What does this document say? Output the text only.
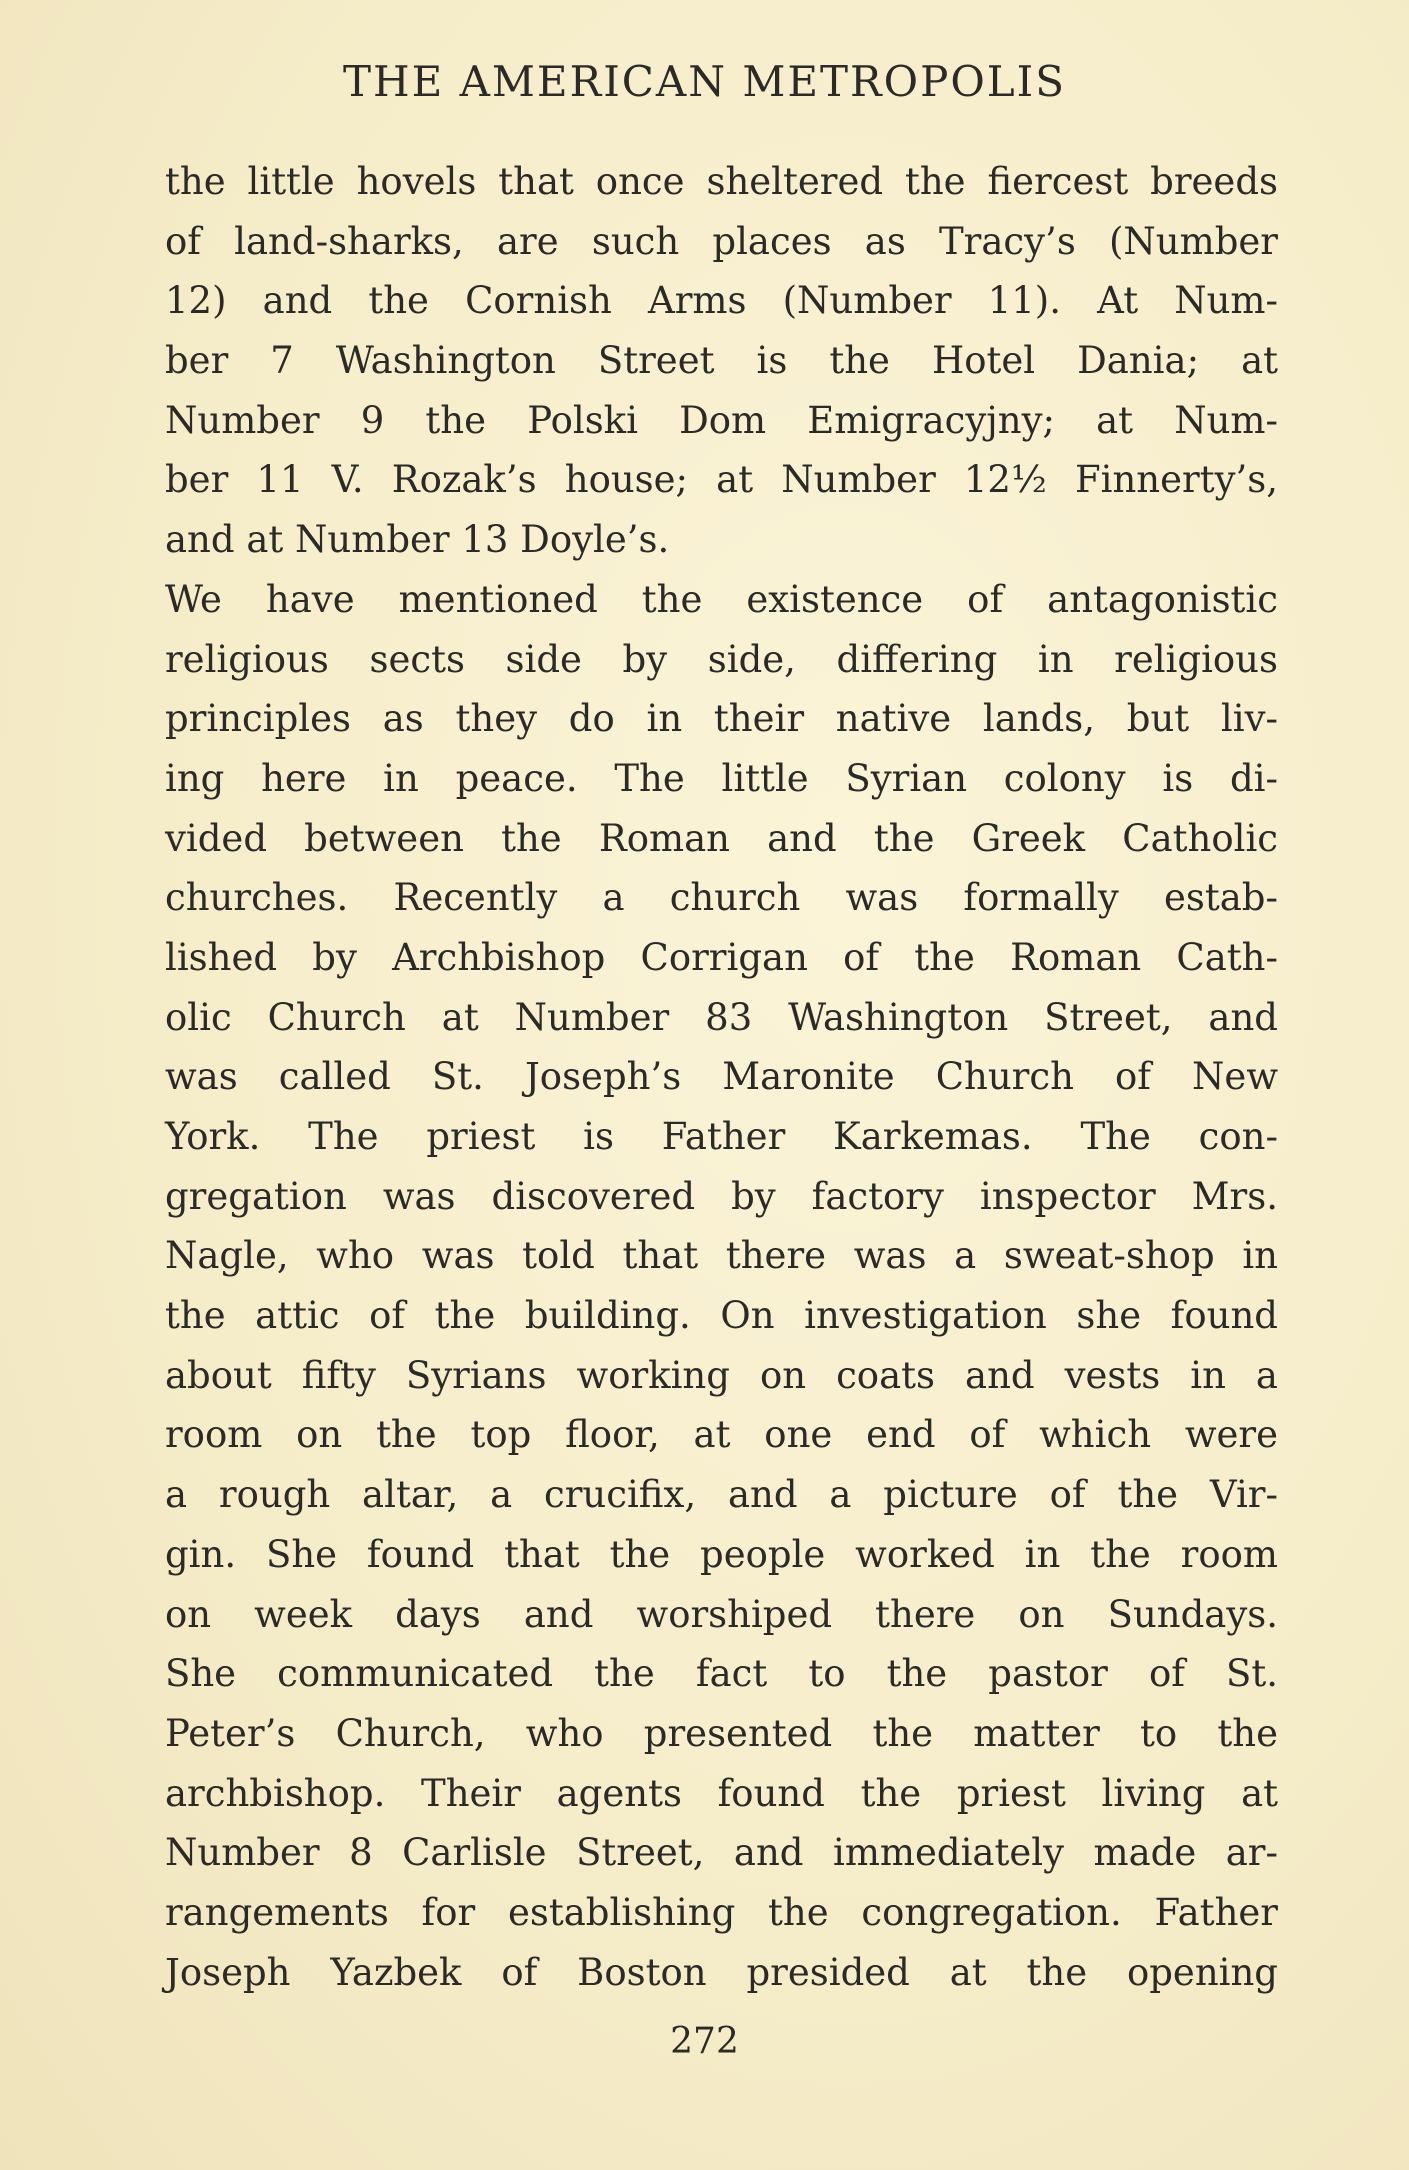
THE AMERICAN METROPOLIS
the little hovels that once sheltered the fiercest breeds
of land-sharks, are such places as Tracy’s (Number
12) and the Cornish Arms (Number 11). At Num-
ber 7 Washington Street is the Hotel Dania; at
Number 9 the Polski Dom Emigracyjny; at Num-
ber 11 V. Rozak’s house; at Number 12½ Finnerty’s,
and at Number 13 Doyle’s.
We have mentioned the existence of antagonistic
religious sects side by side, differing in religious
principles as they do in their native lands, but liv-
ing here in peace. The little Syrian colony is di-
vided between the Roman and the Greek Catholic
churches. Recently a church was formally estab-
lished by Archbishop Corrigan of the Roman Cath-
olic Church at Number 83 Washington Street, and
was called St. Joseph’s Maronite Church of New
York. The priest is Father Karkemas. The con-
gregation was discovered by factory inspector Mrs.
Nagle, who was told that there was a sweat-shop in
the attic of the building. On investigation she found
about fifty Syrians working on coats and vests in a
room on the top floor, at one end of which were
a rough altar, a crucifix, and a picture of the Vir-
gin. She found that the people worked in the room
on week days and worshiped there on Sundays.
She communicated the fact to the pastor of St.
Peter’s Church, who presented the matter to the
archbishop. Their agents found the priest living at
Number 8 Carlisle Street, and immediately made ar-
rangements for establishing the congregation. Father
Joseph Yazbek of Boston presided at the opening
272
